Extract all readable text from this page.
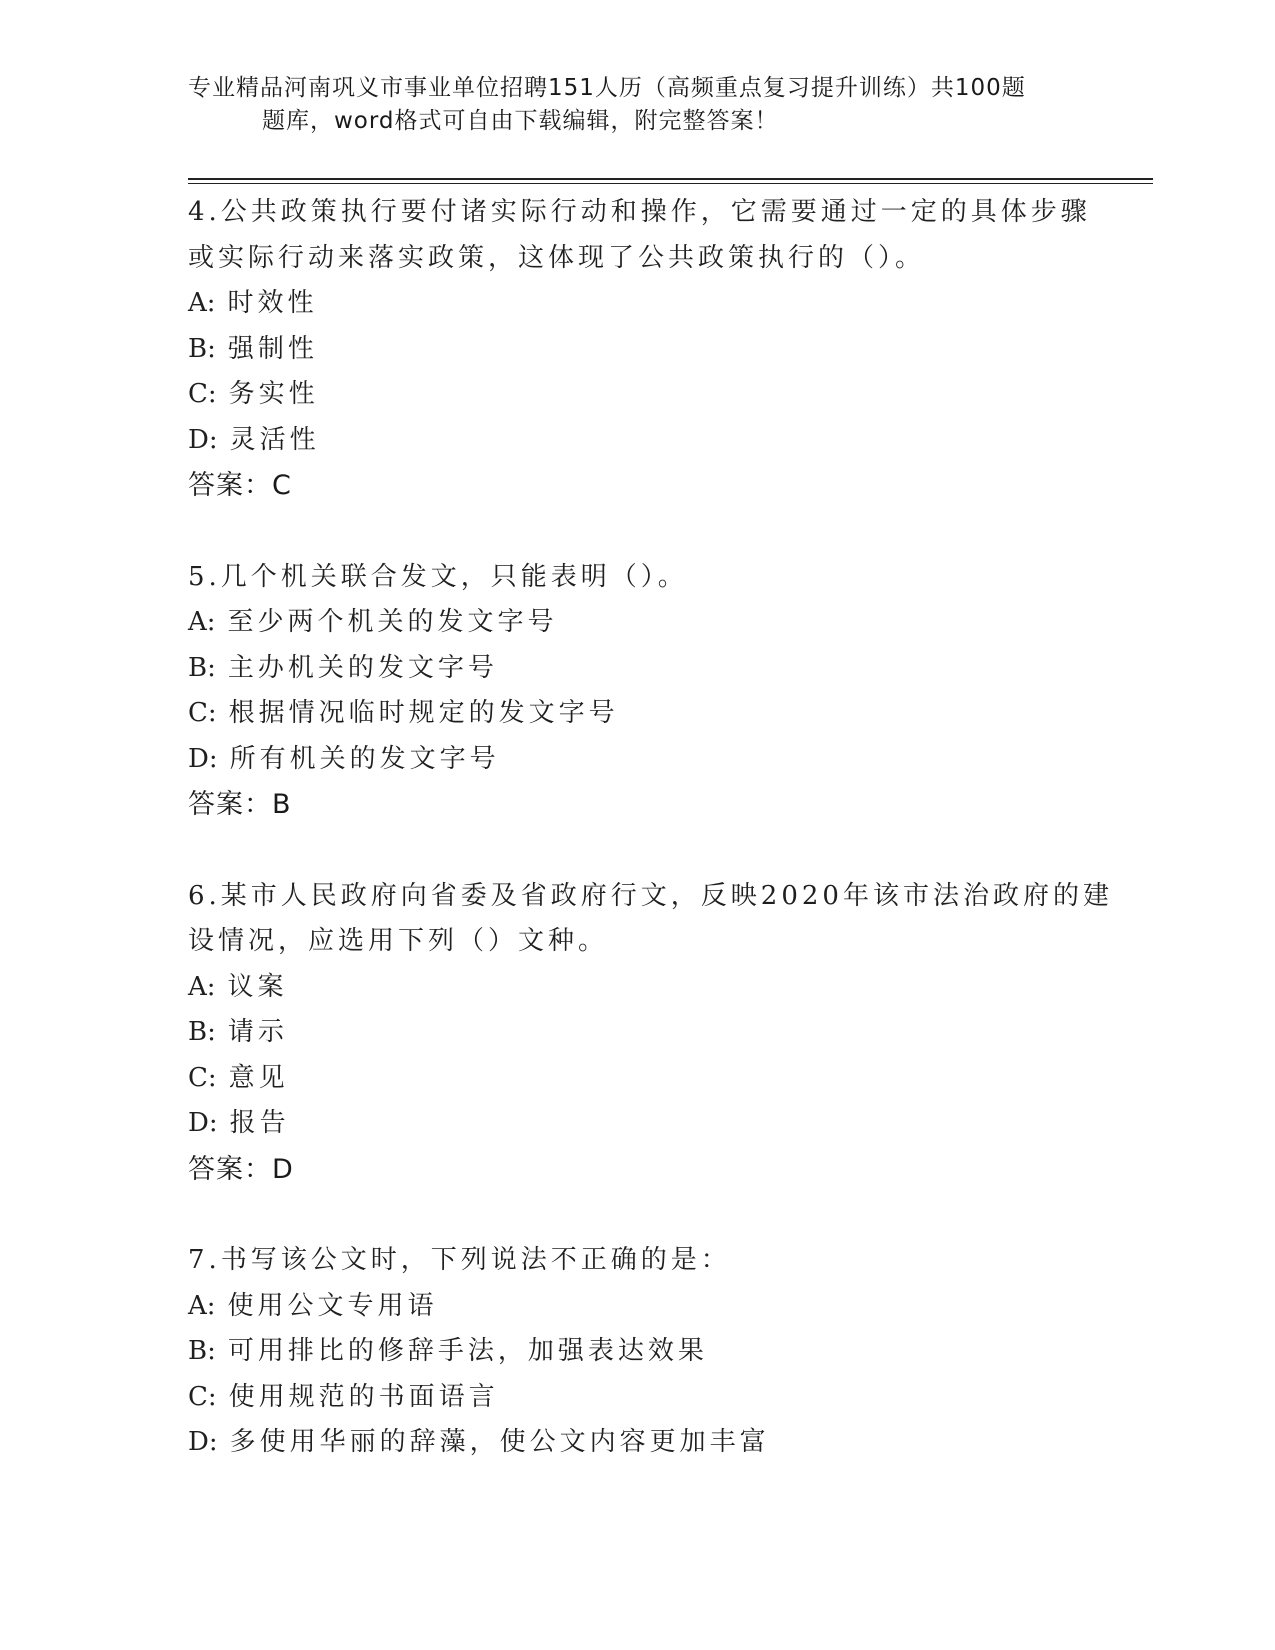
专业精品河南巩义市事业单位招聘151人历（高频重点复习提升训练）共100题
题库，word格式可自由下载编辑，附完整答案！
4.公共政策执行要付诸实际行动和操作，它需要通过一定的具体步骤
或实际行动来落实政策，这体现了公共政策执行的（）。
A: 时效性
B: 强制性
C: 务实性
D: 灵活性
答案：C
5.几个机关联合发文，只能表明（）。
A: 至少两个机关的发文字号
B: 主办机关的发文字号
C: 根据情况临时规定的发文字号
D: 所有机关的发文字号
答案：B
6.某市人民政府向省委及省政府行文，反映2020年该市法治政府的建
设情况，应选用下列（）文种。
A: 议案
B: 请示
C: 意见
D: 报告
答案：D
7.书写该公文时，下列说法不正确的是：
A: 使用公文专用语
B: 可用排比的修辞手法，加强表达效果
C: 使用规范的书面语言
D: 多使用华丽的辞藻，使公文内容更加丰富
